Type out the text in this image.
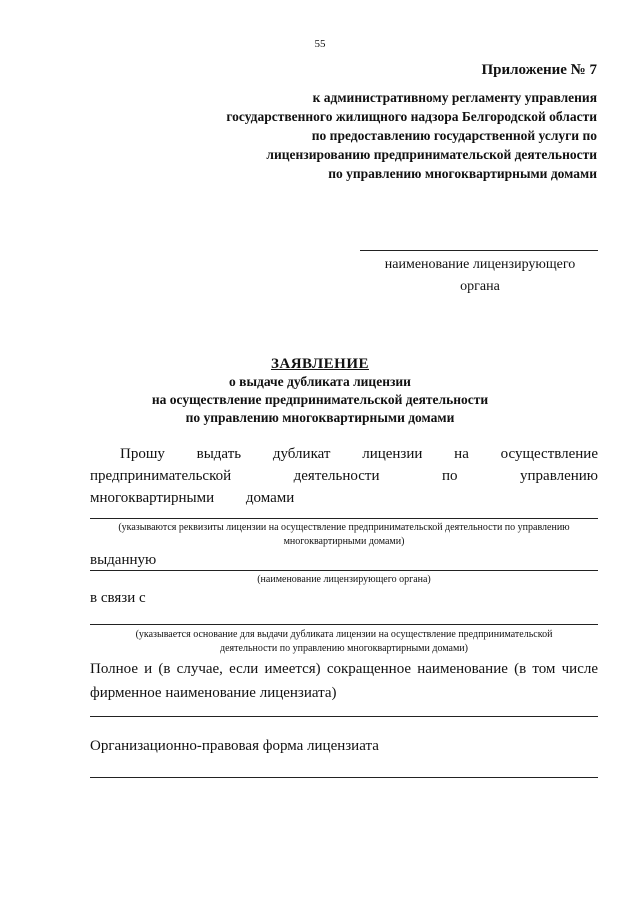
55
Приложение № 7
к административному регламенту управления
государственного жилищного надзора Белгородской области
по предоставлению государственной услуги по
лицензированию предпринимательской деятельности
по управлению многоквартирными домами
наименование лицензирующего
органа
ЗАЯВЛЕНИЕ
о выдаче дубликата лицензии
на осуществление предпринимательской деятельности
по управлению многоквартирными домами
Прошу выдать дубликат лицензии на осуществление предпринимательской деятельности по управлению многоквартирными домами
(указываются реквизиты лицензии на осуществление предпринимательской деятельности по управлению
многоквартирными домами)
выданную
(наименование лицензирующего органа)
в связи с
(указывается основание для выдачи дубликата лицензии на осуществление предпринимательской
деятельности по управлению многоквартирными домами)
Полное и (в случае, если имеется) сокращенное наименование (в том числе фирменное наименование лицензиата)
Организационно-правовая форма лицензиата
